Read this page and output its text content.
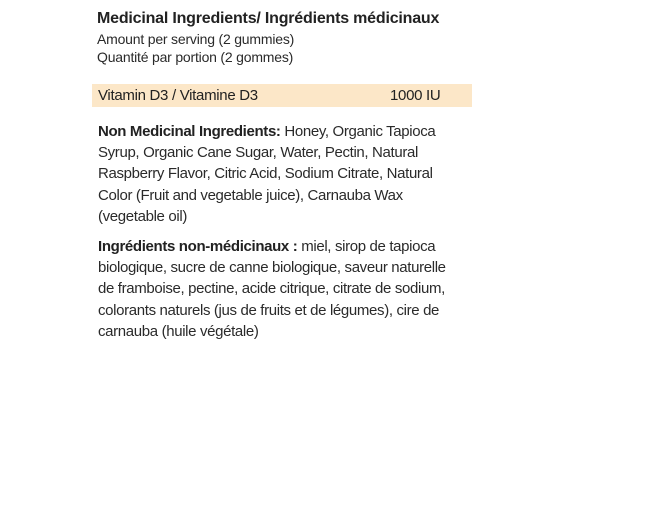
Medicinal Ingredients/ Ingrédients médicinaux

Amount per serving (2 gummies)

Quantité par portion (2 gommes)

Vitamin D3 / Vitamine D3	1000 IU

Non Medicinal Ingredients: Honey, Organic Tapioca
Syrup, Organic Cane Sugar, Water, Pectin, Natural
Raspberry Flavor, Citric Acid, Sodium Citrate, Natural
Color (Fruit and vegetable juice), Carnauba Wax
(vegetable oil)

Ingrédients non-médicinaux : miel, sirop de tapioca
biologique, sucre de canne biologique, saveur naturelle
de framboise, pectine, acide citrique, citrate de sodium,
colorants naturels (jus de fruits et de légumes), cire de
carnauba (huile végétale)
